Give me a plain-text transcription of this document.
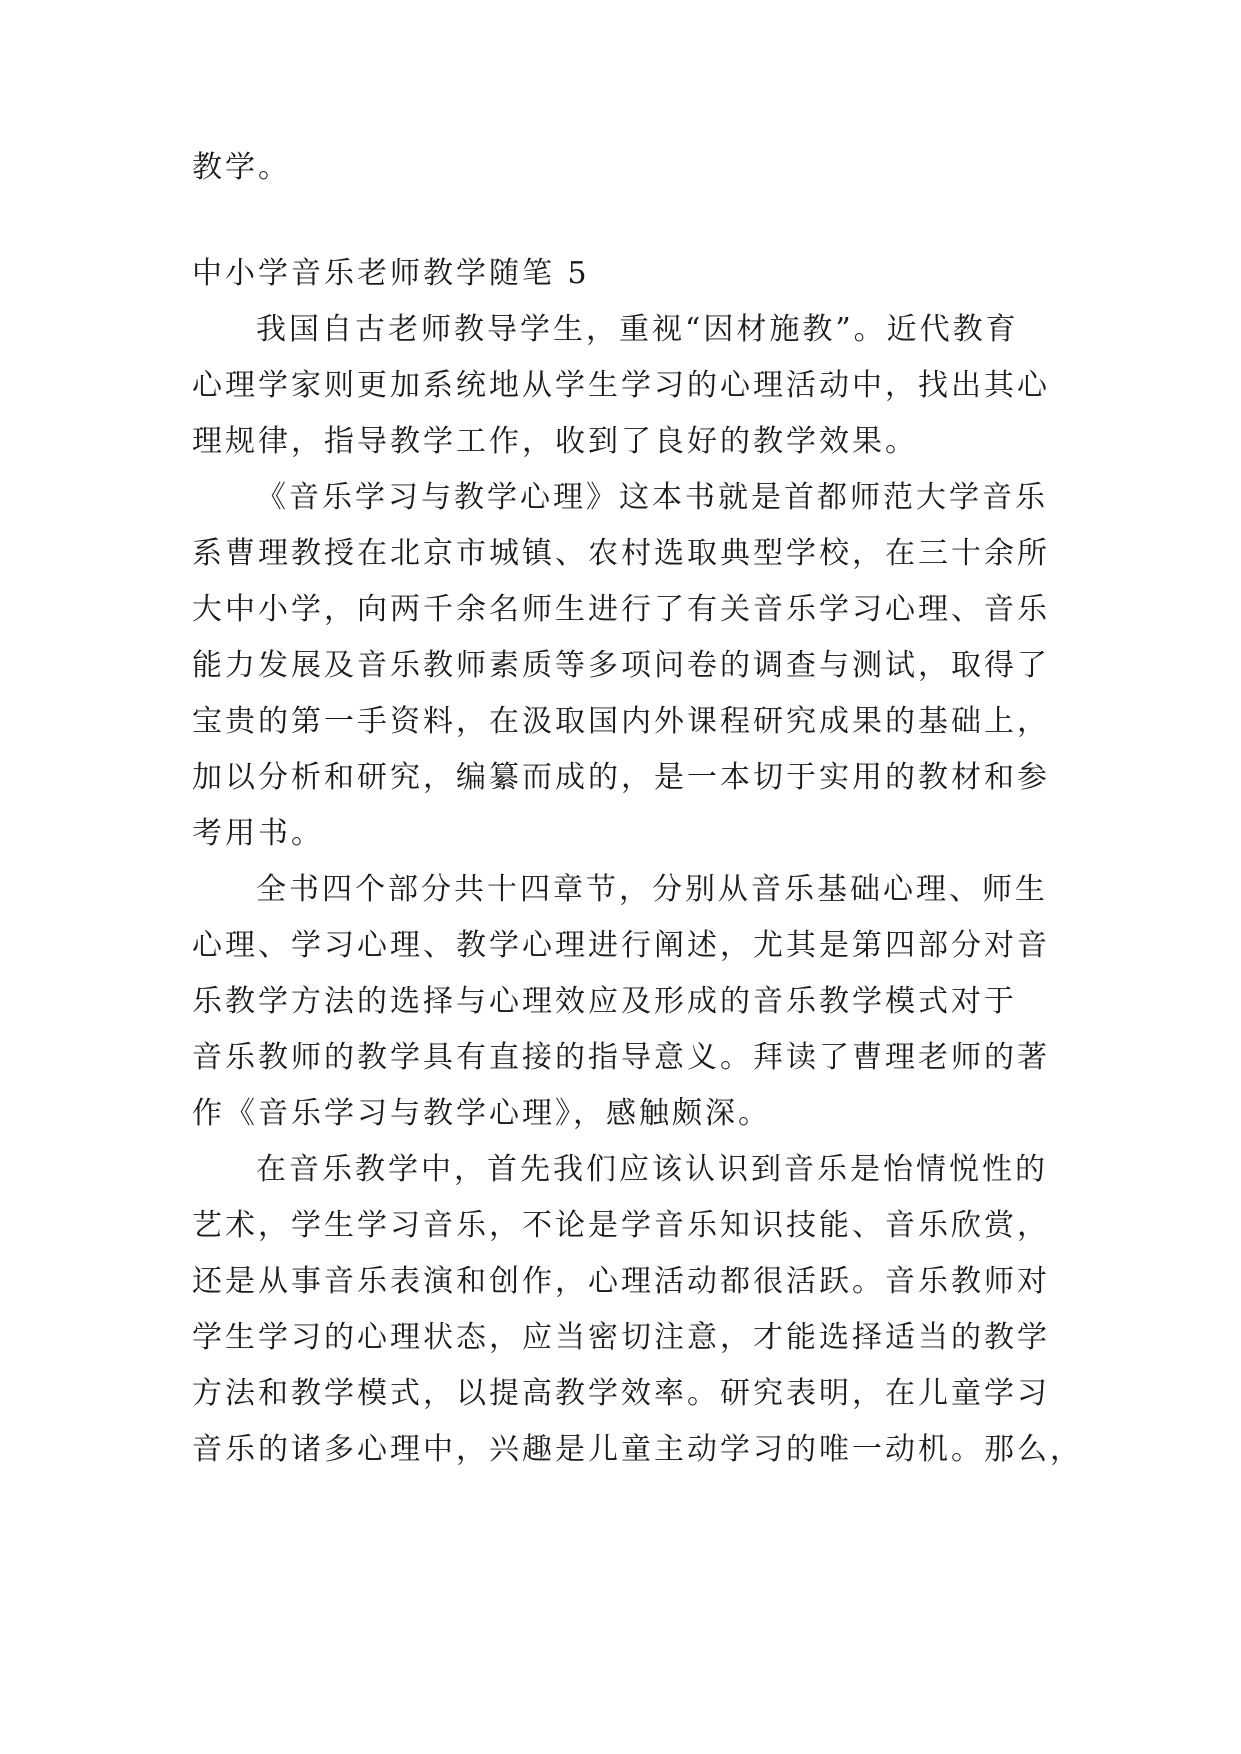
教学。
中小学音乐老师教学随笔 5
我国自古老师教导学生，重视“因材施教”。近代教育
心理学家则更加系统地从学生学习的心理活动中，找出其心
理规律，指导教学工作，收到了良好的教学效果。
《音乐学习与教学心理》这本书就是首都师范大学音乐
系曹理教授在北京市城镇、农村选取典型学校，在三十余所
大中小学，向两千余名师生进行了有关音乐学习心理、音乐
能力发展及音乐教师素质等多项问卷的调查与测试，取得了
宝贵的第一手资料，在汲取国内外课程研究成果的基础上，
加以分析和研究，编纂而成的，是一本切于实用的教材和参
考用书。
全书四个部分共十四章节，分别从音乐基础心理、师生
心理、学习心理、教学心理进行阐述，尤其是第四部分对音
乐教学方法的选择与心理效应及形成的音乐教学模式对于
音乐教师的教学具有直接的指导意义。拜读了曹理老师的著
作《音乐学习与教学心理》，感触颇深。
在音乐教学中，首先我们应该认识到音乐是怡情悦性的
艺术，学生学习音乐，不论是学音乐知识技能、音乐欣赏，
还是从事音乐表演和创作，心理活动都很活跃。音乐教师对
学生学习的心理状态，应当密切注意，才能选择适当的教学
方法和教学模式，以提高教学效率。研究表明，在儿童学习
音乐的诸多心理中，兴趣是儿童主动学习的唯一动机。那么，
